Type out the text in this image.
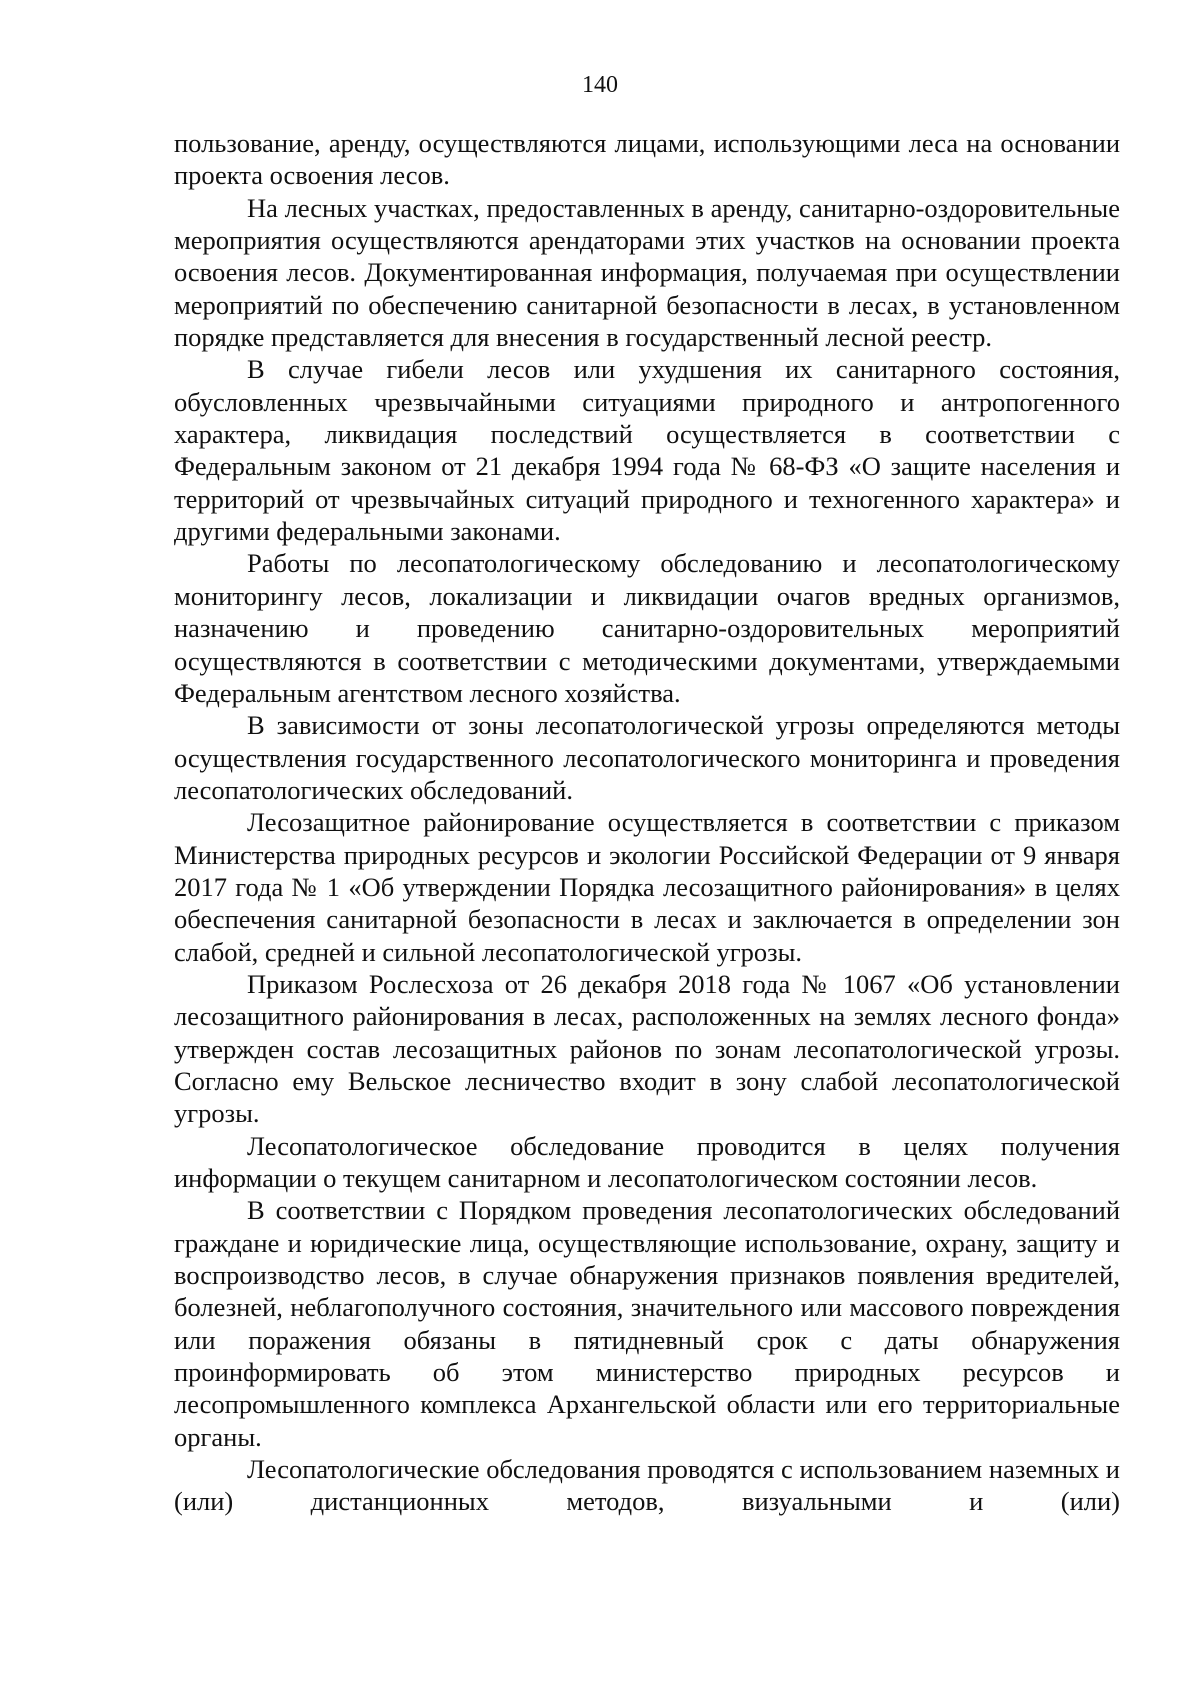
140

пользование, аренду, осуществляются лицами, использующими леса на основании проекта освоения лесов.

На лесных участках, предоставленных в аренду, санитарно-оздоровительные мероприятия осуществляются арендаторами этих участков на основании проекта освоения лесов. Документированная информация, получаемая при осуществлении мероприятий по обеспечению санитарной безопасности в лесах, в установленном порядке представляется для внесения в государственный лесной реестр.

В случае гибели лесов или ухудшения их санитарного состояния, обусловленных чрезвычайными ситуациями природного и антропогенного характера, ликвидация последствий осуществляется в соответствии с Федеральным законом от 21 декабря 1994 года № 68-ФЗ «О защите населения и территорий от чрезвычайных ситуаций природного и техногенного характера» и другими федеральными законами.

Работы по лесопатологическому обследованию и лесопатологическому мониторингу лесов, локализации и ликвидации очагов вредных организмов, назначению и проведению санитарно-оздоровительных мероприятий осуществляются в соответствии с методическими документами, утверждаемыми Федеральным агентством лесного хозяйства.

В зависимости от зоны лесопатологической угрозы определяются методы осуществления государственного лесопатологического мониторинга и проведения лесопатологических обследований.

Лесозащитное районирование осуществляется в соответствии с приказом Министерства природных ресурсов и экологии Российской Федерации от 9 января 2017 года № 1 «Об утверждении Порядка лесозащитного районирования» в целях обеспечения санитарной безопасности в лесах и заключается в определении зон слабой, средней и сильной лесопатологической угрозы.

Приказом Рослесхоза от 26 декабря 2018 года № 1067 «Об установлении лесозащитного районирования в лесах, расположенных на землях лесного фонда» утвержден состав лесозащитных районов по зонам лесопатологической угрозы. Согласно ему Вельское лесничество входит в зону слабой лесопатологической угрозы.

Лесопатологическое обследование проводится в целях получения информации о текущем санитарном и лесопатологическом состоянии лесов.

В соответствии с Порядком проведения лесопатологических обследований граждане и юридические лица, осуществляющие использование, охрану, защиту и воспроизводство лесов, в случае обнаружения признаков появления вредителей, болезней, неблагополучного состояния, значительного или массового повреждения или поражения обязаны в пятидневный срок с даты обнаружения проинформировать об этом министерство природных ресурсов и лесопромышленного комплекса Архангельской области или его территориальные органы.

Лесопатологические обследования проводятся с использованием наземных и (или) дистанционных методов, визуальными и (или)
